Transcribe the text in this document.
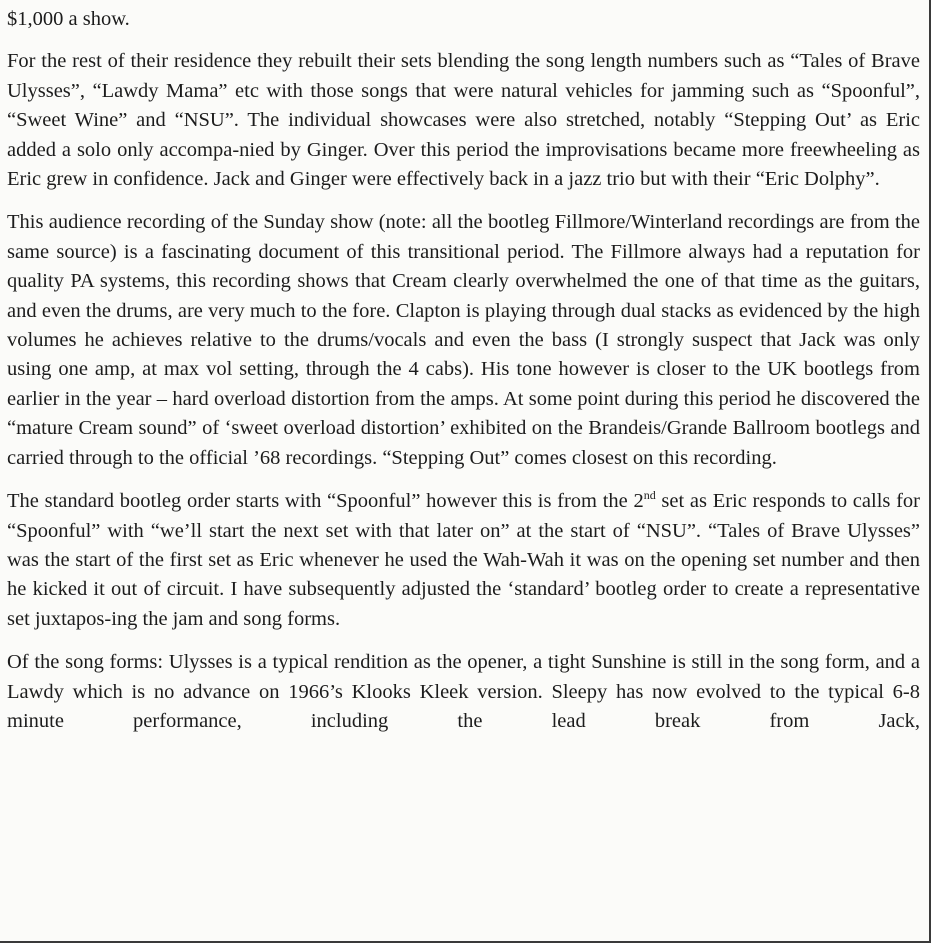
$1,000 a show.

For the rest of their residence they rebuilt their sets blending the song length numbers such as “Tales of Brave Ulysses”, “Lawdy Mama” etc with those songs that were natural vehicles for jamming such as “Spoonful”, “Sweet Wine” and “NSU”. The individual showcases were also stretched, notably “Stepping Out’ as Eric added a solo only accompa-nied by Ginger. Over this period the improvisations became more freewheeling as Eric grew in confidence. Jack and Ginger were effectively back in a jazz trio but with their “Eric Dolphy”.

This audience recording of the Sunday show (note: all the bootleg Fillmore/Winterland recordings are from the same source) is a fascinating document of this transitional period. The Fillmore always had a reputation for quality PA systems, this recording shows that Cream clearly overwhelmed the one of that time as the guitars, and even the drums, are very much to the fore. Clapton is playing through dual stacks as evidenced by the high volumes he achieves relative to the drums/vocals and even the bass (I strongly suspect that Jack was only using one amp, at max vol setting, through the 4 cabs). His tone however is closer to the UK bootlegs from earlier in the year – hard overload distortion from the amps. At some point during this period he discovered the “mature Cream sound” of ‘sweet overload distortion’ exhibited on the Brandeis/Grande Ballroom bootlegs and carried through to the official ’68 recordings. “Stepping Out” comes closest on this recording.

The standard bootleg order starts with “Spoonful” however this is from the 2nd set as Eric responds to calls for “Spoonful” with “we’ll start the next set with that later on” at the start of “NSU”. “Tales of Brave Ulysses” was the start of the first set as Eric whenever he used the Wah-Wah it was on the opening set number and then he kicked it out of circuit. I have subsequently adjusted the ‘standard’ bootleg order to create a representative set juxtapos-ing the jam and song forms.

Of the song forms: Ulysses is a typical rendition as the opener, a tight Sunshine is still in the song form, and a Lawdy which is no advance on 1966’s Klooks Kleek version. Sleepy has now evolved to the typical 6-8 minute performance, including the lead break from Jack,
